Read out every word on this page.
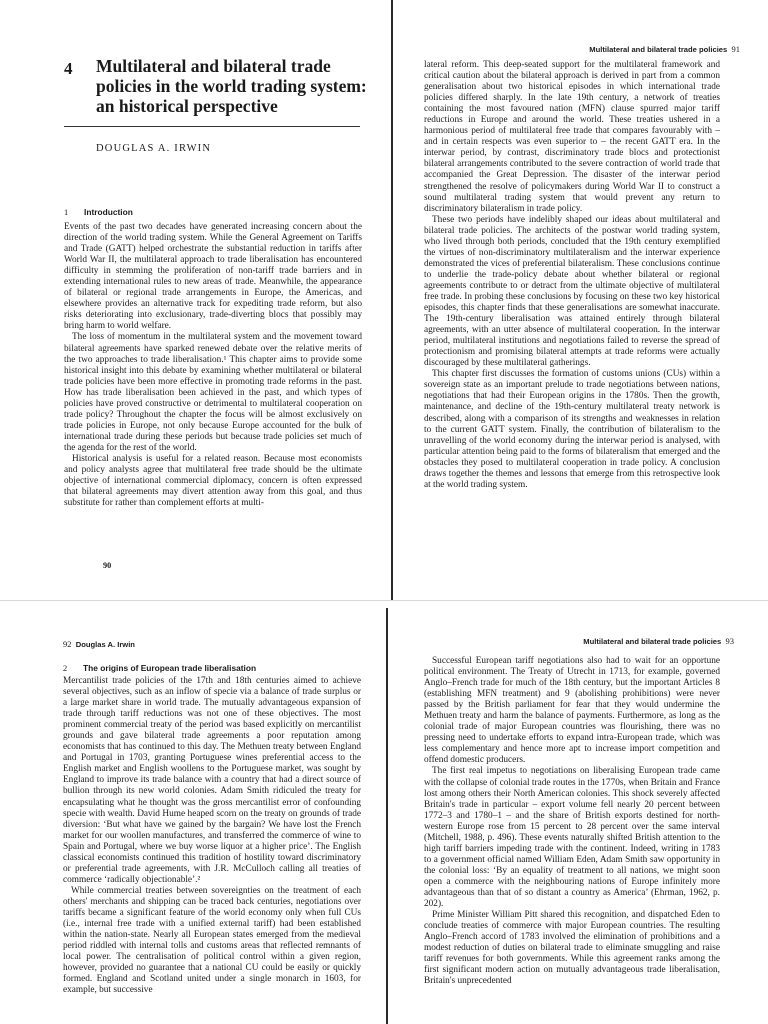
4 Multilateral and bilateral trade policies in the world trading system: an historical perspective
DOUGLAS A. IRWIN
1 Introduction

Events of the past two decades have generated increasing concern about the direction of the world trading system. While the General Agreement on Tariffs and Trade (GATT) helped orchestrate the substantial reduction in tariffs after World War II, the multilateral approach to trade liberalisation has encountered difficulty in stemming the proliferation of non-tariff trade barriers and in extending international rules to new areas of trade. Meanwhile, the appearance of bilateral or regional trade arrangements in Europe, the Americas, and elsewhere provides an alternative track for expediting trade reform, but also risks deteriorating into exclusionary, trade-diverting blocs that possibly may bring harm to world welfare.

The loss of momentum in the multilateral system and the movement toward bilateral agreements have sparked renewed debate over the relative merits of the two approaches to trade liberalisation.¹ This chapter aims to provide some historical insight into this debate by examining whether multilateral or bilateral trade policies have been more effective in promoting trade reforms in the past. How has trade liberalisation been achieved in the past, and which types of policies have proved constructive or detrimental to multilateral cooperation on trade policy? Throughout the chapter the focus will be almost exclusively on trade policies in Europe, not only because Europe accounted for the bulk of international trade during these periods but because trade policies set much of the agenda for the rest of the world.

Historical analysis is useful for a related reason. Because most economists and policy analysts agree that multilateral free trade should be the ultimate objective of international commercial diplomacy, concern is often expressed that bilateral agreements may divert attention away from this goal, and thus substitute for rather than complement efforts at multi-

90
Multilateral and bilateral trade policies 91

lateral reform. This deep-seated support for the multilateral framework and critical caution about the bilateral approach is derived in part from a common generalisation about two historical episodes in which international trade policies differed sharply. In the late 19th century, a network of treaties containing the most favoured nation (MFN) clause spurred major tariff reductions in Europe and around the world. These treaties ushered in a harmonious period of multilateral free trade that compares favourably with – and in certain respects was even superior to – the recent GATT era. In the interwar period, by contrast, discriminatory trade blocs and protectionist bilateral arrangements contributed to the severe contraction of world trade that accompanied the Great Depression. The disaster of the interwar period strengthened the resolve of policymakers during World War II to construct a sound multilateral trading system that would prevent any return to discriminatory bilateralism in trade policy.

These two periods have indelibly shaped our ideas about multilateral and bilateral trade policies. The architects of the postwar world trading system, who lived through both periods, concluded that the 19th century exemplified the virtues of non-discriminatory multilateralism and the interwar experience demonstrated the vices of preferential bilateralism. These conclusions continue to underlie the trade-policy debate about whether bilateral or regional agreements contribute to or detract from the ultimate objective of multilateral free trade. In probing these conclusions by focusing on these two key historical episodes, this chapter finds that these generalisations are somewhat inaccurate. The 19th-century liberalisation was attained entirely through bilateral agreements, with an utter absence of multilateral cooperation. In the interwar period, multilateral institutions and negotiations failed to reverse the spread of protectionism and promising bilateral attempts at trade reforms were actually discouraged by these multilateral gatherings.

This chapter first discusses the formation of customs unions (CUs) within a sovereign state as an important prelude to trade negotiations between nations, negotiations that had their European origins in the 1780s. Then the growth, maintenance, and decline of the 19th-century multilateral treaty network is described, along with a comparison of its strengths and weaknesses in relation to the current GATT system. Finally, the contribution of bilateralism to the unravelling of the world economy during the interwar period is analysed, with particular attention being paid to the forms of bilateralism that emerged and the obstacles they posed to multilateral cooperation in trade policy. A conclusion draws together the themes and lessons that emerge from this retrospective look at the world trading system.

92 Douglas A. Irwin
2 The origins of European trade liberalisation

Mercantilist trade policies of the 17th and 18th centuries aimed to achieve several objectives, such as an inflow of specie via a balance of trade surplus or a large market share in world trade. The mutually advantageous expansion of trade through tariff reductions was not one of these objectives. The most prominent commercial treaty of the period was based explicitly on mercantilist grounds and gave bilateral trade agreements a poor reputation among economists that has continued to this day. The Methuen treaty between England and Portugal in 1703, granting Portuguese wines preferential access to the English market and English woollens to the Portuguese market, was sought by England to improve its trade balance with a country that had a direct source of bullion through its new world colonies. Adam Smith ridiculed the treaty for encapsulating what he thought was the gross mercantilist error of confounding specie with wealth. David Hume heaped scorn on the treaty on grounds of trade diversion: ‘But what have we gained by the bargain? We have lost the French market for our woollen manufactures, and transferred the commerce of wine to Spain and Portugal, where we buy worse liquor at a higher price’. The English classical economists continued this tradition of hostility toward discriminatory or preferential trade agreements, with J.R. McCulloch calling all treaties of commerce ‘radically objectionable’.²

While commercial treaties between sovereignties on the treatment of each others' merchants and shipping can be traced back centuries, negotiations over tariffs became a significant feature of the world economy only when full CUs (i.e., internal free trade with a unified external tariff) had been established within the nation-state. Nearly all European states emerged from the medieval period riddled with internal tolls and customs areas that reflected remnants of local power. The centralisation of political control within a given region, however, provided no guarantee that a national CU could be easily or quickly formed. England and Scotland united under a single monarch in 1603, for example, but successive

Multilateral and bilateral trade policies 93

Successful European tariff negotiations also had to wait for an opportune political environment. The Treaty of Utrecht in 1713, for example, governed Anglo–French trade for much of the 18th century, but the important Articles 8 (establishing MFN treatment) and 9 (abolishing prohibitions) were never passed by the British parliament for fear that they would undermine the Methuen treaty and harm the balance of payments. Furthermore, as long as the colonial trade of major European countries was flourishing, there was no pressing need to undertake efforts to expand intra-European trade, which was less complementary and hence more apt to increase import competition and offend domestic producers.

The first real impetus to negotiations on liberalising European trade came with the collapse of colonial trade routes in the 1770s, when Britain and France lost among others their North American colonies. This shock severely affected Britain's trade in particular – export volume fell nearly 20 percent between 1772–3 and 1780–1 – and the share of British exports destined for north-western Europe rose from 15 percent to 28 percent over the same interval (Mitchell, 1988, p. 496). These events naturally shifted British attention to the high tariff barriers impeding trade with the continent. Indeed, writing in 1783 to a government official named William Eden, Adam Smith saw opportunity in the colonial loss: ‘By an equality of treatment to all nations, we might soon open a commerce with the neighbouring nations of Europe infinitely more advantageous than that of so distant a country as America’ (Ehrman, 1962, p. 202).

Prime Minister William Pitt shared this recognition, and dispatched Eden to conclude treaties of commerce with major European countries. The resulting Anglo–French accord of 1783 involved the elimination of prohibitions and a modest reduction of duties on bilateral trade to eliminate smuggling and raise tariff revenues for both governments. While this agreement ranks among the first significant modern action on mutually advantageous trade liberalisation, Britain's unprecedented
